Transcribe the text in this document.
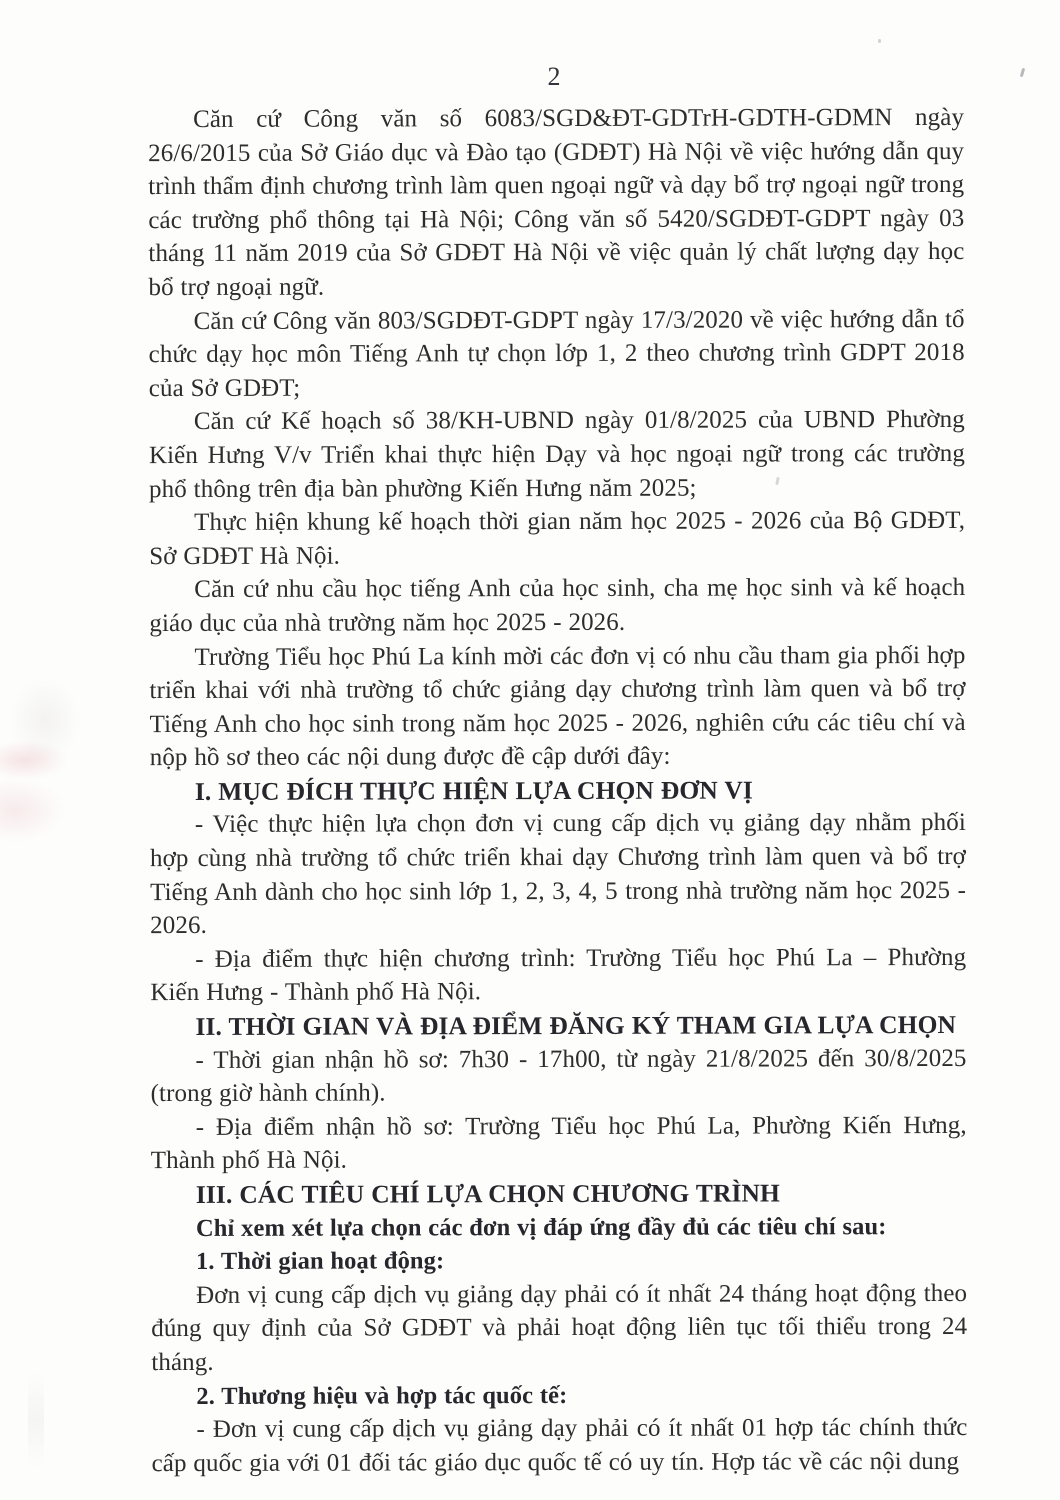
2

Căn cứ Công văn số 6083/SGD&ĐT-GDTrH-GDTH-GDMN ngày 26/6/2015 của Sở Giáo dục và Đào tạo (GDĐT) Hà Nội về việc hướng dẫn quy trình thẩm định chương trình làm quen ngoại ngữ và dạy bổ trợ ngoại ngữ trong các trường phổ thông tại Hà Nội; Công văn số 5420/SGDĐT-GDPT ngày 03 tháng 11 năm 2019 của Sở GDĐT Hà Nội về việc quản lý chất lượng dạy học bổ trợ ngoại ngữ.

Căn cứ Công văn 803/SGDĐT-GDPT ngày 17/3/2020 về việc hướng dẫn tổ chức dạy học môn Tiếng Anh tự chọn lớp 1, 2 theo chương trình GDPT 2018 của Sở GDĐT;

Căn cứ Kế hoạch số 38/KH-UBND ngày 01/8/2025 của UBND Phường Kiến Hưng V/v Triển khai thực hiện Dạy và học ngoại ngữ trong các trường phổ thông trên địa bàn phường Kiến Hưng năm 2025;

Thực hiện khung kế hoạch thời gian năm học 2025 - 2026 của Bộ GDĐT, Sở GDĐT Hà Nội.

Căn cứ nhu cầu học tiếng Anh của học sinh, cha mẹ học sinh và kế hoạch giáo dục của nhà trường năm học 2025 - 2026.

Trường Tiểu học Phú La kính mời các đơn vị có nhu cầu tham gia phối hợp triển khai với nhà trường tổ chức giảng dạy chương trình làm quen và bổ trợ Tiếng Anh cho học sinh trong năm học 2025 - 2026, nghiên cứu các tiêu chí và nộp hồ sơ theo các nội dung được đề cập dưới đây:

I. MỤC ĐÍCH THỰC HIỆN LỰA CHỌN ĐƠN VỊ

- Việc thực hiện lựa chọn đơn vị cung cấp dịch vụ giảng dạy nhằm phối hợp cùng nhà trường tổ chức triển khai dạy Chương trình làm quen và bổ trợ Tiếng Anh dành cho học sinh lớp 1, 2, 3, 4, 5 trong nhà trường năm học 2025 - 2026.

- Địa điểm thực hiện chương trình: Trường Tiểu học Phú La – Phường Kiến Hưng - Thành phố Hà Nội.

II. THỜI GIAN VÀ ĐỊA ĐIỂM ĐĂNG KÝ THAM GIA LỰA CHỌN

- Thời gian nhận hồ sơ: 7h30 - 17h00, từ ngày 21/8/2025 đến 30/8/2025 (trong giờ hành chính).

- Địa điểm nhận hồ sơ: Trường Tiểu học Phú La, Phường Kiến Hưng, Thành phố Hà Nội.

III. CÁC TIÊU CHÍ LỰA CHỌN CHƯƠNG TRÌNH

Chỉ xem xét lựa chọn các đơn vị đáp ứng đầy đủ các tiêu chí sau:

1. Thời gian hoạt động:

Đơn vị cung cấp dịch vụ giảng dạy phải có ít nhất 24 tháng hoạt động theo đúng quy định của Sở GDĐT và phải hoạt động liên tục tối thiểu trong 24 tháng.

2. Thương hiệu và hợp tác quốc tế:

- Đơn vị cung cấp dịch vụ giảng dạy phải có ít nhất 01 hợp tác chính thức cấp quốc gia với 01 đối tác giáo dục quốc tế có uy tín. Hợp tác về các nội dung
